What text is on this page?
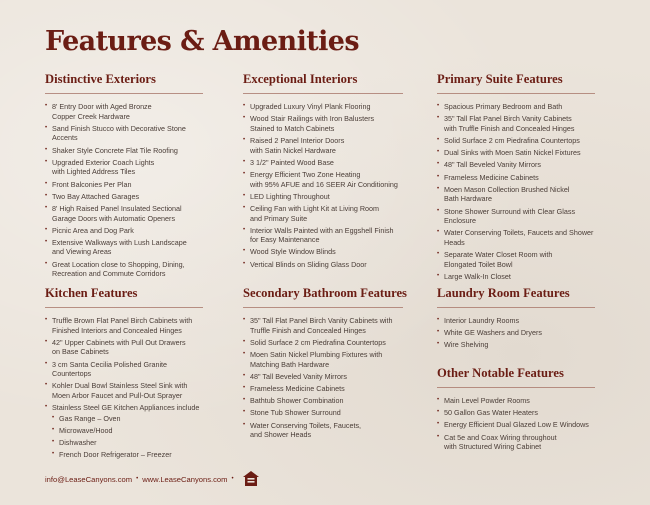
Features & Amenities
Distinctive Exteriors
• 8' Entry Door with Aged Bronze
Copper Creek Hardware
• Sand Finish Stucco with Decorative Stone Accents
• Shaker Style Concrete Flat Tile Roofing
• Upgraded Exterior Coach Lights
with Lighted Address Tiles
• Front Balconies Per Plan
• Two Bay Attached Garages
• 8' High Raised Panel Insulated Sectional
Garage Doors with Automatic Openers
• Picnic Area and Dog Park
• Extensive Walkways with Lush Landscape
and Viewing Areas
• Great Location close to Shopping, Dining,
Recreation and Commute Corridors
Kitchen Features
• Truffle Brown Flat Panel Birch Cabinets with
Finished Interiors and Concealed Hinges
• 42" Upper Cabinets with Pull Out Drawers
on Base Cabinets
• 3 cm Santa Cecilia Polished Granite Countertops
• Kohler Dual Bowl Stainless Steel Sink with
Moen Arbor Faucet and Pull-Out Sprayer
• Stainless Steel GE Kitchen Appliances include
• Gas Range – Oven
• Microwave/Hood
• Dishwasher
• French Door Refrigerator – Freezer
Exceptional Interiors
• Upgraded Luxury Vinyl Plank Flooring
• Wood Stair Railings with Iron Balusters
Stained to Match Cabinets
• Raised 2 Panel Interior Doors
with Satin Nickel Hardware
• 3 1/2" Painted Wood Base
• Energy Efficient Two Zone Heating
with 95% AFUE and 16 SEER Air Conditioning
• LED Lighting Throughout
• Ceiling Fan with Light Kit at Living Room
and Primary Suite
• Interior Walls Painted with an Eggshell Finish
for Easy Maintenance
• Wood Style Window Blinds
• Vertical Blinds on Sliding Glass Door
Secondary Bathroom Features
• 35" Tall Flat Panel Birch Vanity Cabinets with
Truffle Finish and Concealed Hinges
• Solid Surface 2 cm Piedrafina Countertops
• Moen Satin Nickel Plumbing Fixtures with
Matching Bath Hardware
• 48" Tall Beveled Vanity Mirrors
• Frameless Medicine Cabinets
• Bathtub Shower Combination
• Stone Tub Shower Surround
• Water Conserving Toilets, Faucets,
and Shower Heads
Primary Suite Features
• Spacious Primary Bedroom and Bath
• 35" Tall Flat Panel Birch Vanity Cabinets
with Truffle Finish and Concealed Hinges
• Solid Surface 2 cm Piedrafina Countertops
• Dual Sinks with Moen Satin Nickel Fixtures
• 48" Tall Beveled Vanity Mirrors
• Frameless Medicine Cabinets
• Moen Mason Collection Brushed Nickel
Bath Hardware
• Stone Shower Surround with Clear Glass Enclosure
• Water Conserving Toilets, Faucets and Shower Heads
• Separate Water Closet Room with
Elongated Toilet Bowl
• Large Walk-In Closet
Laundry Room Features
• Interior Laundry Rooms
• White GE Washers and Dryers
• Wire Shelving
Other Notable Features
• Main Level Powder Rooms
• 50 Gallon Gas Water Heaters
• Energy Efficient Dual Glazed Low E Windows
• Cat 5e and Coax Wiring throughout
with Structured Wiring Cabinet
info@LeaseCanyons.com • www.LeaseCanyons.com •
